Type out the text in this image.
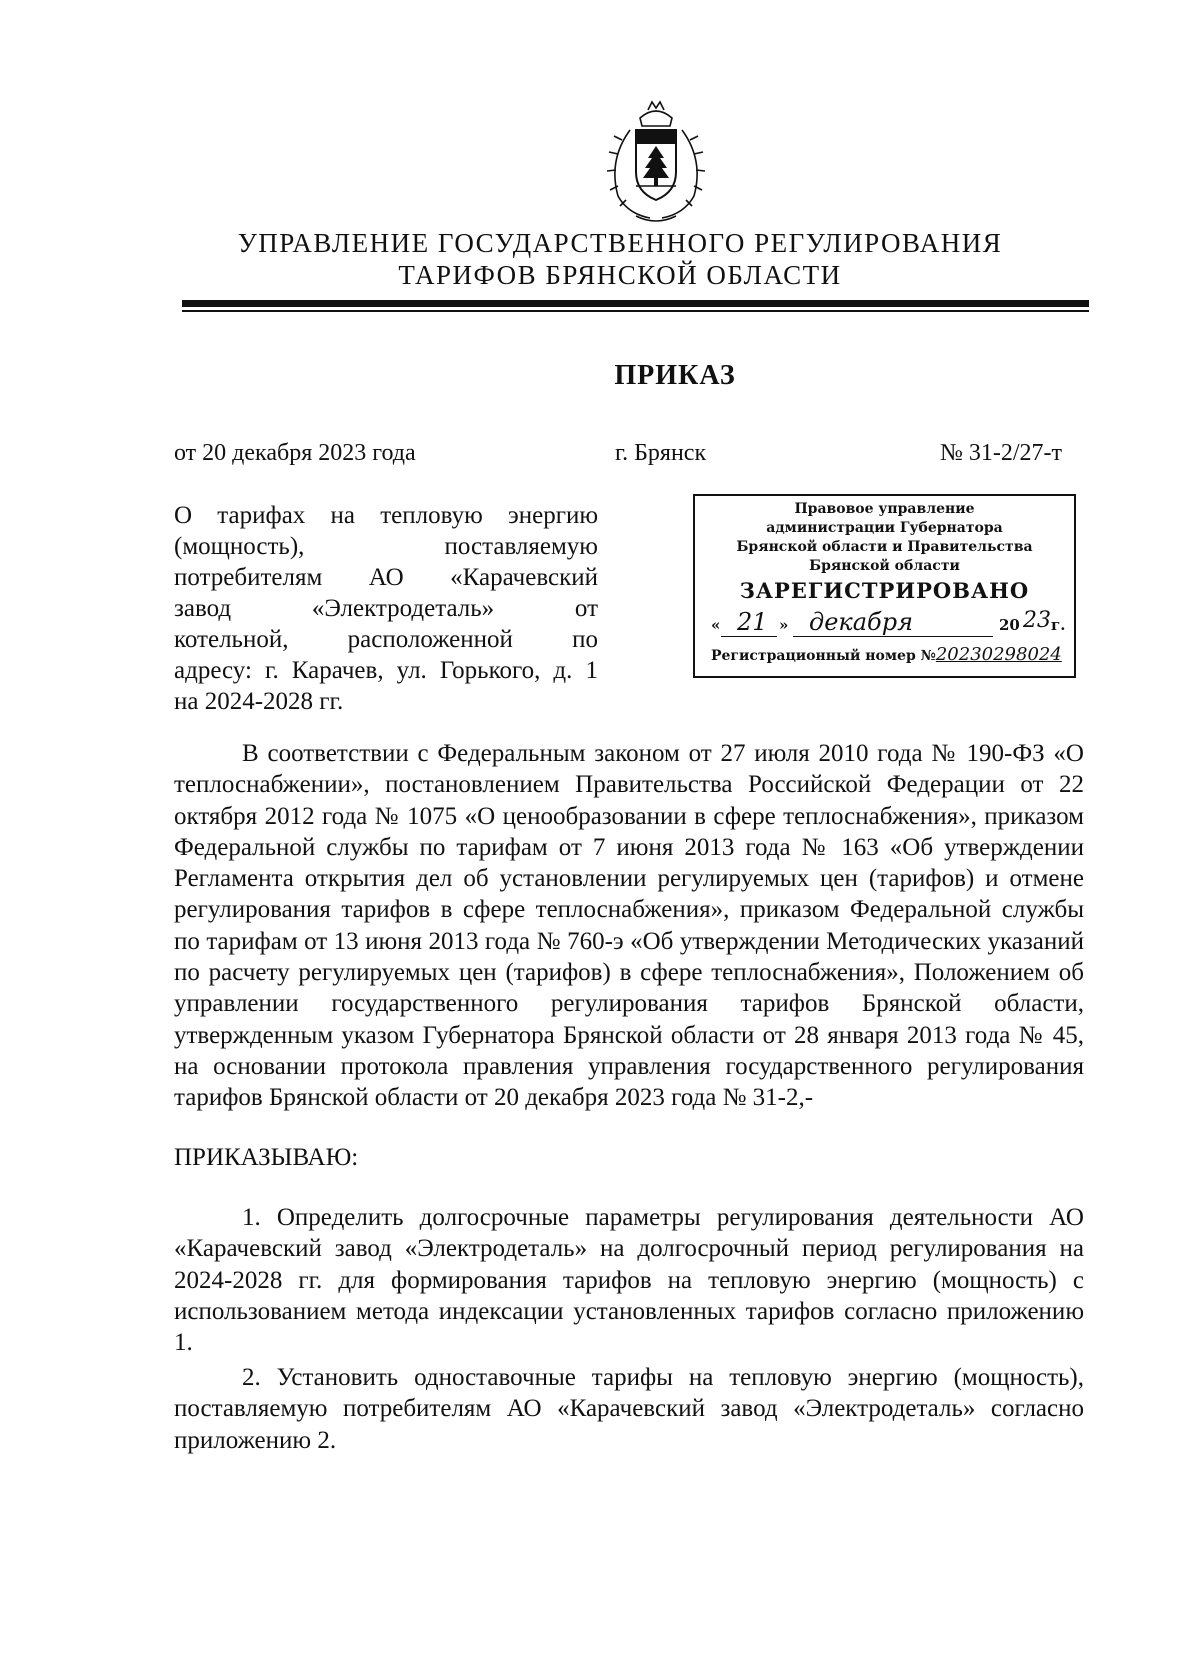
УПРАВЛЕНИЕ ГОСУДАРСТВЕННОГО РЕГУЛИРОВАНИЯ
ТАРИФОВ БРЯНСКОЙ ОБЛАСТИ
ПРИКАЗ
от 20 декабря 2023 года	г. Брянск	№ 31-2/27-т
О тарифах на тепловую энергию
(мощность), поставляемую
потребителям АО «Карачевский
завод «Электродеталь» от
котельной, расположенной по
адресу: г. Карачев, ул. Горького, д. 1
на 2024-2028 гг.
Правовое управление
администрации Губернатора
Брянской области и Правительства
Брянской области
ЗАРЕГИСТРИРОВАНО
« 21 » декабря	20 23 г.
Регистрационный номер №20230298024
В соответствии с Федеральным законом от 27 июля 2010 года № 190-ФЗ «О теплоснабжении», постановлением Правительства Российской Федерации от 22 октября 2012 года № 1075 «О ценообразовании в сфере теплоснабжения», приказом Федеральной службы по тарифам от 7 июня 2013 года № 163 «Об утверждении Регламента открытия дел об установлении регулируемых цен (тарифов) и отмене регулирования тарифов в сфере теплоснабжения», приказом Федеральной службы по тарифам от 13 июня 2013 года № 760-э «Об утверждении Методических указаний по расчету регулируемых цен (тарифов) в сфере теплоснабжения», Положением об управлении государственного регулирования тарифов Брянской области, утвержденным указом Губернатора Брянской области от 28 января 2013 года № 45, на основании протокола правления управления государственного регулирования тарифов Брянской области от 20 декабря 2023 года № 31-2,-
ПРИКАЗЫВАЮ:
1. Определить долгосрочные параметры регулирования деятельности АО «Карачевский завод «Электродеталь» на долгосрочный период регулирования на 2024-2028 гг. для формирования тарифов на тепловую энергию (мощность) с использованием метода индексации установленных тарифов согласно приложению 1.
2. Установить одноставочные тарифы на тепловую энергию (мощность), поставляемую потребителям АО «Карачевский завод «Электродеталь» согласно приложению 2.
